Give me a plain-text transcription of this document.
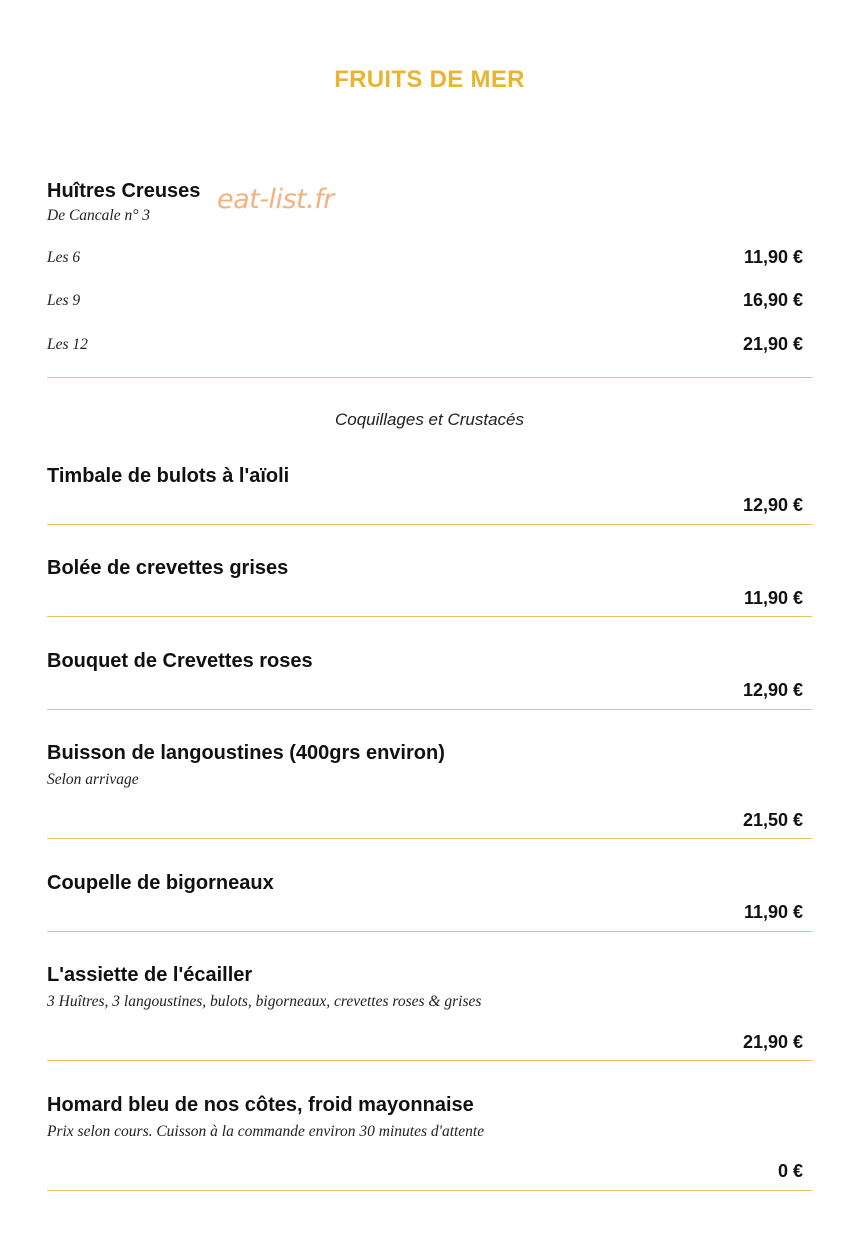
FRUITS DE MER
Huîtres Creuses
De Cancale n° 3
Les 6	11,90 €
Les 9	16,90 €
Les 12	21,90 €
Coquillages et Crustacés
Timbale de bulots à l'aïoli
12,90 €
Bolée de crevettes grises
11,90 €
Bouquet de Crevettes roses
12,90 €
Buisson de langoustines (400grs environ)
Selon arrivage
21,50 €
Coupelle de bigorneaux
11,90 €
L'assiette de l'écailler
3 Huîtres, 3 langoustines, bulots, bigorneaux, crevettes roses & grises
21,90 €
Homard bleu de nos côtes, froid mayonnaise
Prix selon cours. Cuisson à la commande environ 30 minutes d'attente
0 €
eat-list.fr
